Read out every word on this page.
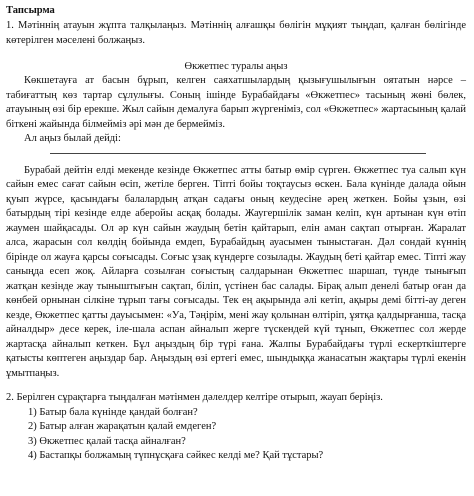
Тапсырма

1. Мәтіннің атауын жұпта талқылаңыз. Мәтіннің алғашқы бөлігін мұқият тыңдап, қалған бөлігінде көтерілген мәселені болжаңыз.

Өкжетпес туралы аңыз

Көкшетауға ат басын бұрып, келген саяхатшылардың қызығушылығын оятатын нәрсе – табиғаттың көз тартар сұлулығы. Соның ішінде Бурабайдағы «Өкжетпес» тасының жөні бөлек, атауының өзі бір ерекше. Жыл сайын демалуға барып жүргеніміз, сол «Өкжетпес» жартасының қалай біткені жайында білмейміз әрі мән де бермейміз.

Ал аңыз былай дейді:

Бурабай дейтін елді мекенде кезінде Өкжетпес атты батыр өмір сүрген. Өкжетпес туа салып күн сайын емес сағат сайын өсіп, жетіле берген. Тіпті бойы тоқтаусыз өскен. Бала күнінде далада ойын қуып жүрсе, қасындағы балалардың атқан садағы оның кеудесіне әрең жеткен. Бойы ұзын, өзі батырдың тірі кезінде елде аберойы асқақ болады. Жаугершілік заман келіп, күн артынан күн өтіп жаумен шайқасады. Ол әр күн сайын жаудың бетін қайтарып, елін аман сақтап отырған. Жаралат алса, жарасын сол көлдің бойында емдеп, Бурабайдың ауасымен тыныстаған. Дәл сондай күннің бірінде ол жауға қарсы соғысады. Соғыс ұзақ күндерге созылады. Жаудың беті қайтар емес. Тіпті жау саныңда есеп жоқ. Айларға созылған соғыстың салдарынан Өкжетпес шаршап, түнде тынығып жатқан кезінде жау тыныштығын сақтап, біліп, үстінен бас салады. Бірақ алып денелі батыр оған да көнбей орнынан сілкіне тұрып тағы соғысады. Тек ең ақырында әлі кетіп, ақыры демі бітті-ау деген кезде, Өкжетпес қатты дауысымен: «Уа, Тәңірім, мені жау қолынан өлтіріп, ұятқа қалдырғанша, тасқа айналдыр» десе керек, іле-шала аспан айналып жерге түскендей күй тұнып, Өкжетпес сол жерде жартасқа айналып кеткен. Бұл аңыздың бір түрі ғана. Жалпы Бурабайдағы түрлі ескерткіштерге қатысты көптеген аңыздар бар. Аңыздың өзі ертегі емес, шындыққа жанасатын жақтары түрлі екенін ұмытпаңыз.

2. Берілген сұрақтарға тыңдалған мәтінмен дәлелдер келтіре отырып, жауап беріңіз.

1) Батыр бала күнінде қандай болған?
2) Батыр алған жарақатын қалай емдеген?
3) Өкжетпес қалай тасқа айналған?
4) Бастапқы болжамың түпнұсқаға сәйкес келді ме? Қай тұстары?
